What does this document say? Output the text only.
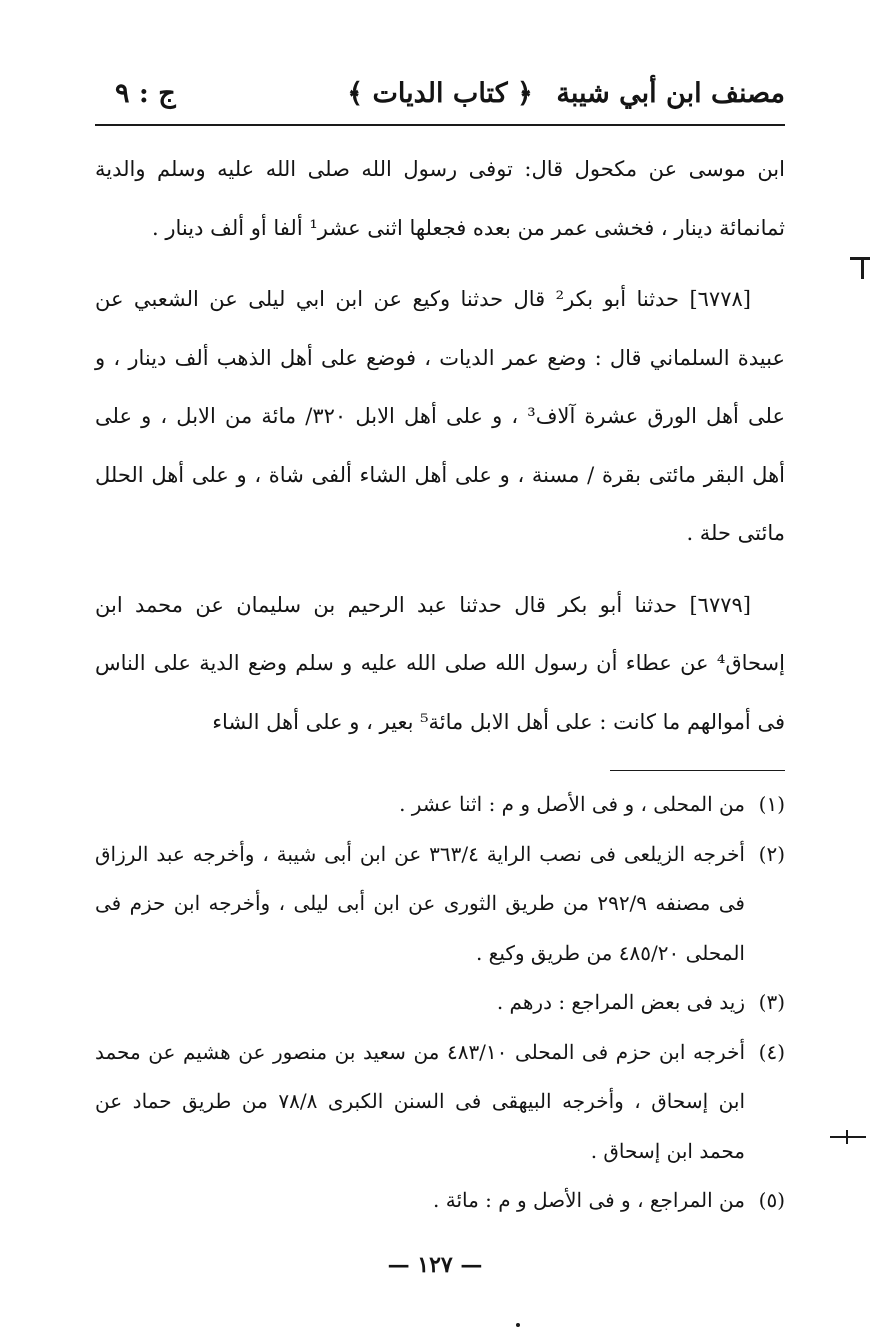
مصنف ابن أبي شيبة
﴿ كتاب الديات ﴾
ج : ٩

ابن موسى عن مكحول قال: توفى رسول الله صلى الله عليه وسلم والدية ثمانمائة دينار ، فخشى عمر من بعده فجعلها اثنى عشر¹ ألفا أو ألف دينار .

[٦٧٧٨] حدثنا أبو بكر² قال حدثنا وكيع عن ابن ابي ليلى عن الشعبي عن عبيدة السلماني قال : وضع عمر الديات ، فوضع على أهل الذهب ألف دينار ، و على أهل الورق عشرة آلاف³ ، و على أهل الابل ٣٢٠/ مائة من الابل ، و على أهل البقر مائتى بقرة / مسنة ، و على أهل الشاء ألفى شاة ، و على أهل الحلل مائتى حلة .

[٦٧٧٩] حدثنا أبو بكر قال حدثنا عبد الرحيم بن سليمان عن محمد ابن إسحاق⁴ عن عطاء أن رسول الله صلى الله عليه و سلم وضع الدية على الناس فى أموالهم ما كانت : على أهل الابل مائة⁵ بعير ، و على أهل الشاء

(١)
من المحلى ، و فى الأصل و م : اثنا عشر .
(٢)
أخرجه الزيلعى فى نصب الراية ٣٦٣/٤ عن ابن أبى شيبة ، وأخرجه عبد الرزاق فى مصنفه ٢٩٢/٩ من طريق الثورى عن ابن أبى ليلى ، وأخرجه ابن حزم فى المحلى ٤٨٥/٢٠ من طريق وكيع .
(٣)
زيد فى بعض المراجع : درهم .
(٤)
أخرجه ابن حزم فى المحلى ٤٨٣/١٠ من سعيد بن منصور عن هشيم عن محمد ابن إسحاق ، وأخرجه البيهقى فى السنن الكبرى ٧٨/٨ من طريق حماد عن محمد ابن إسحاق .
(٥)
من المراجع ، و فى الأصل و م : مائة .
— ١٢٧ —
